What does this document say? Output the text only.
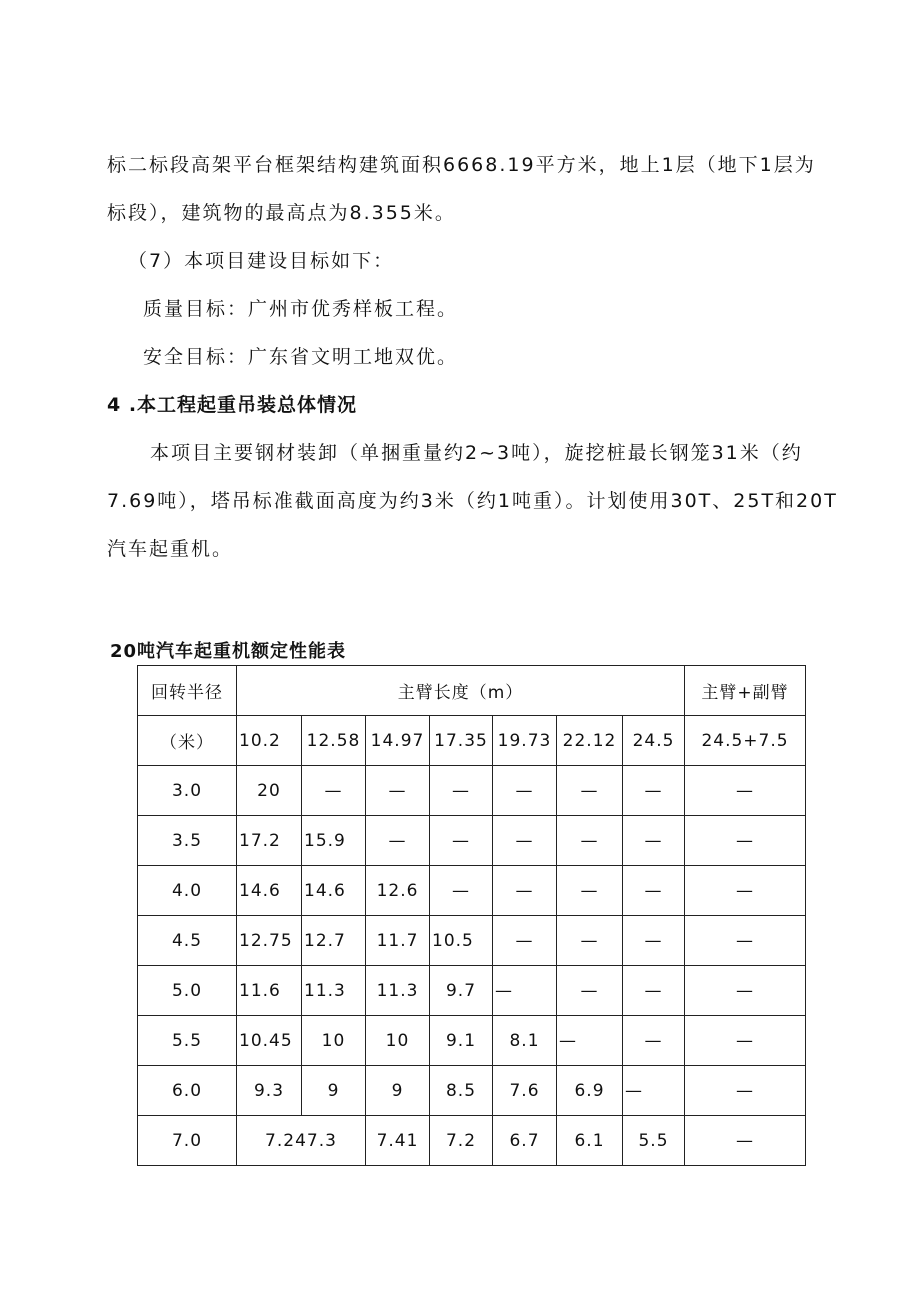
标二标段高架平台框架结构建筑面积6668.19平方米，地上1层（地下1层为
标段），建筑物的最高点为8.355米。
（7）本项目建设目标如下：
质量目标：广州市优秀样板工程。
安全目标：广东省文明工地双优。
4 .本工程起重吊装总体情况
本项目主要钢材装卸（单捆重量约2~3吨），旋挖桩最长钢笼31米（约
7.69吨），塔吊标准截面高度为约3米（约1吨重）。计划使用30T、25T和20T
汽车起重机。
20吨汽车起重机额定性能表
回转半径	主臂长度（m）							主臂+副臂
（米）	10.2	12.58	14.97	17.35	19.73	22.12	24.5	24.5+7.5
3.0	20	—	—	—	—	—	—	—
3.5	17.2	15.9	—	—	—	—	—	—
4.0	14.6	14.6	12.6	—	—	—	—	—
4.5	12.75	12.7	11.7	10.5	—	—	—	—
5.0	11.6	11.3	11.3	9.7	—	—	—	—
5.5	10.45	10	10	9.1	8.1	—	—	—
6.0	9.3	9	9	8.5	7.6	6.9	—	—
7.0	7.247.3		7.41	7.2	6.7	6.1	5.5	—
